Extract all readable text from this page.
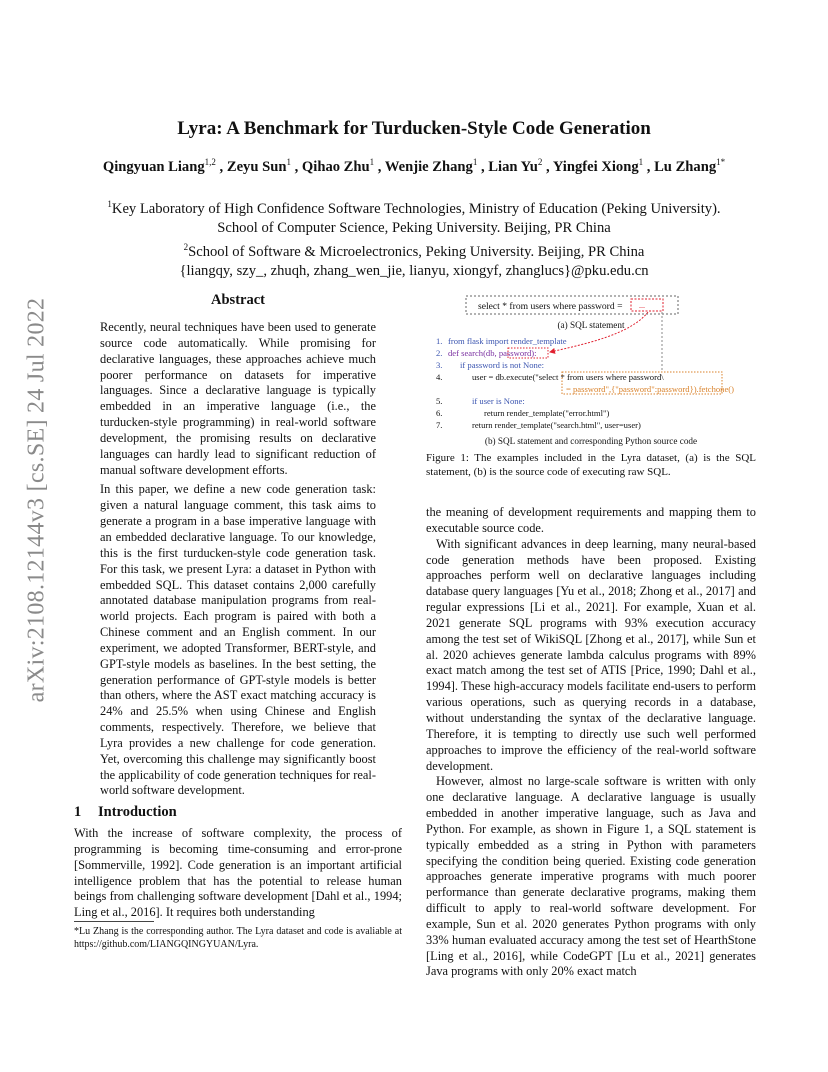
arXiv:2108.12144v3 [cs.SE] 24 Jul 2022
Lyra: A Benchmark for Turducken-Style Code Generation
Qingyuan Liang$^{1,2}$ , Zeyu Sun$^1$ , Qihao Zhu$^1$ , Wenjie Zhang$^1$ , Lian Yu$^2$ , Yingfei Xiong$^1$ , Lu Zhang$^{1*}$
$^1$Key Laboratory of High Confidence Software Technologies, Ministry of Education (Peking University).
School of Computer Science, Peking University. Beijing, PR China
$^2$School of Software & Microelectronics, Peking University. Beijing, PR China
{liangqy, szy_, zhuqh, zhang_wen_jie, lianyu, xiongyf, zhanglucs}@pku.edu.cn
Abstract

Recently, neural techniques have been used to generate source code automatically. While promising for declarative languages, these approaches achieve much poorer performance on datasets for imperative languages. Since a declarative language is typically embedded in an imperative language (i.e., the turducken-style programming) in real-world software development, the promising results on declarative languages can hardly lead to significant reduction of manual software development efforts.

In this paper, we define a new code generation task: given a natural language comment, this task aims to generate a program in a base imperative language with an embedded declarative language. To our knowledge, this is the first turducken-style code generation task. For this task, we present Lyra: a dataset in Python with embedded SQL. This dataset contains 2,000 carefully annotated database manipulation programs from real-world projects. Each program is paired with both a Chinese comment and an English comment. In our experiment, we adopted Transformer, BERT-style, and GPT-style models as baselines. In the best setting, the generation performance of GPT-style models is better than others, where the AST exact matching accuracy is 24% and 25.5% when using Chinese and English comments, respectively. Therefore, we believe that Lyra provides a new challenge for code generation. Yet, overcoming this challenge may significantly boost the applicability of code generation techniques for real-world software development.

1 Introduction

With the increase of software complexity, the process of programming is becoming time-consuming and error-prone [Sommerville, 1992]. Code generation is an important artificial intelligence problem that has the potential to release human beings from challenging software development [Dahl et al., 1994; Ling et al., 2016]. It requires both understanding

*Lu Zhang is the corresponding author. The Lyra dataset and code is avaliable at https://github.com/LIANGQINGYUAN/Lyra.
select * from users where password = ...
(a) SQL statement
1. from flask import render_template
2. def search(db, password):
3. if password is not None:
4.	user = db.execute("select * from users where password\
= password",{"password":password}).fetchone()
5.	if user is None:
6.	return render_template("error.html")
7.	return render_template("search.html", user=user)
(b) SQL statement and corresponding Python source code
Figure 1: The examples included in the Lyra dataset, (a) is the SQL statement, (b) is the source code of executing raw SQL.

the meaning of development requirements and mapping them to executable source code.

With significant advances in deep learning, many neural-based code generation methods have been proposed. Existing approaches perform well on declarative languages including database query languages [Yu et al., 2018; Zhong et al., 2017] and regular expressions [Li et al., 2021]. For example, Xuan et al. 2021 generate SQL programs with 93% execution accuracy among the test set of WikiSQL [Zhong et al., 2017], while Sun et al. 2020 achieves generate lambda calculus programs with 89% exact match among the test set of ATIS [Price, 1990; Dahl et al., 1994]. These high-accuracy models facilitate end-users to perform various operations, such as querying records in a database, without understanding the syntax of the declarative language. Therefore, it is tempting to directly use such well performed approaches to improve the efficiency of the real-world software development.

However, almost no large-scale software is written with only one declarative language. A declarative language is usually embedded in another imperative language, such as Java and Python. For example, as shown in Figure 1, a SQL statement is typically embedded as a string in Python with parameters specifying the condition being queried. Existing code generation approaches generate imperative programs with much poorer performance than generate declarative programs, making them difficult to apply to real-world software development. For example, Sun et al. 2020 generates Python programs with only 33% human evaluated accuracy among the test set of HearthStone [Ling et al., 2016], while CodeGPT [Lu et al., 2021] generates Java programs with only 20% exact match
